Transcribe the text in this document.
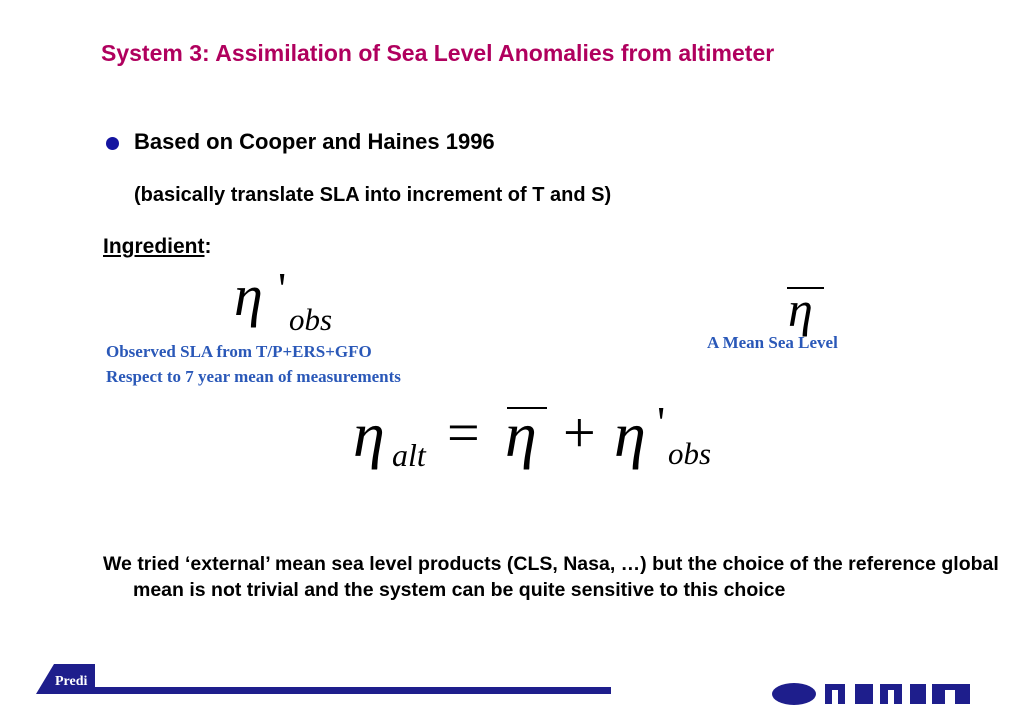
System 3: Assimilation of Sea Level Anomalies from altimeter
Based on Cooper and Haines 1996
(basically translate SLA into increment of T and S)
Ingredient:
η '
obs
Observed SLA from T/P+ERS+GFO
Respect to 7 year mean of measurements
η
A Mean Sea Level
η alt = η + η '
obs
We tried ‘external’ mean sea level products (CLS, Nasa, …) but the choice of the reference global mean is not trivial and the system can be quite sensitive to this choice
Predi
